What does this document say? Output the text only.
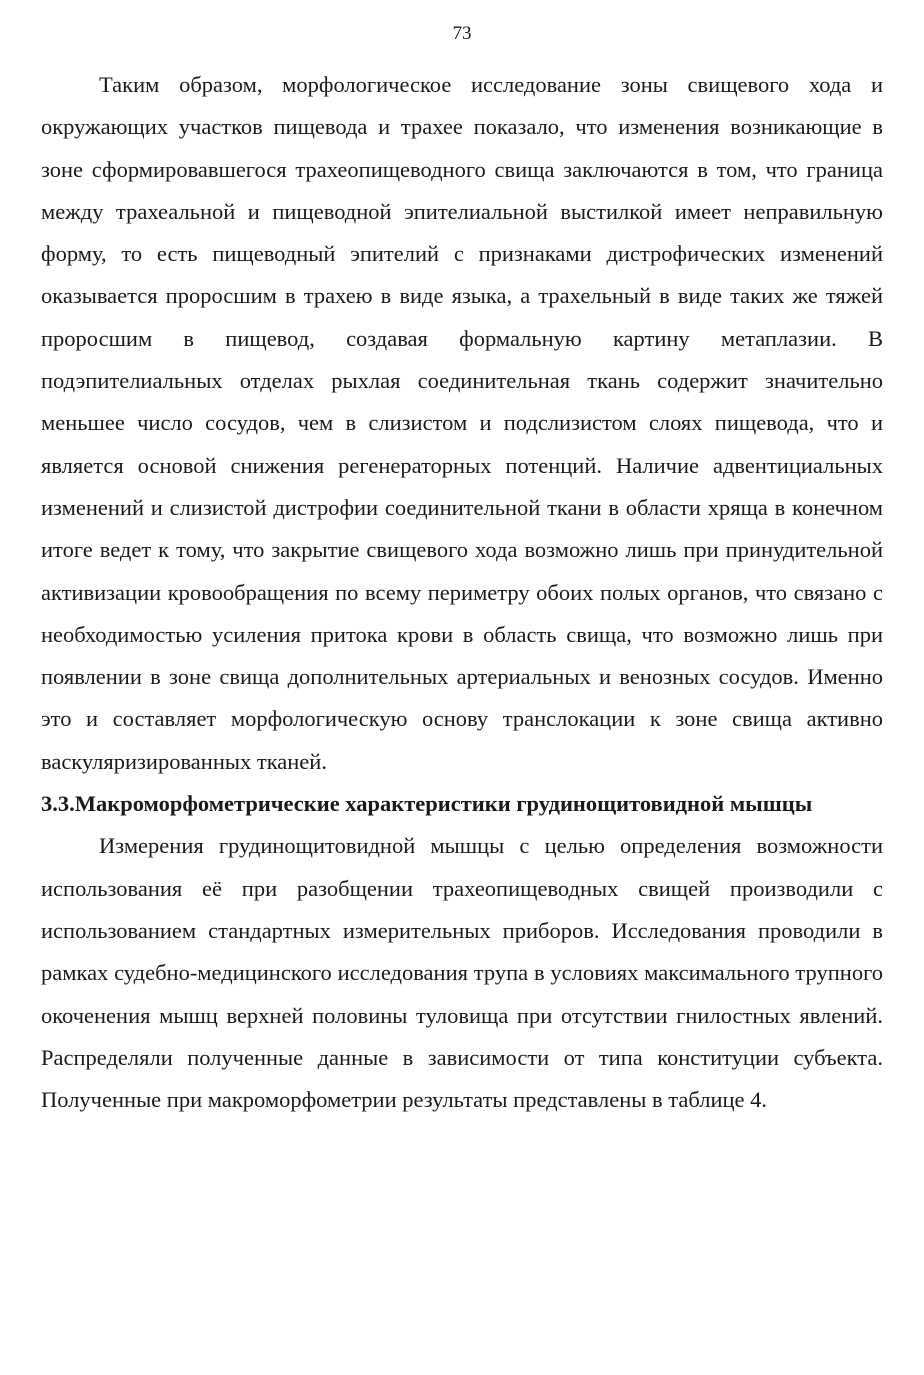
73

Таким образом, морфологическое исследование зоны свищевого хода и окружающих участков пищевода и трахее показало, что изменения возникающие в зоне сформировавшегося трахеопищеводного свища заключаются в том, что граница между трахеальной и пищеводной эпителиальной выстилкой имеет неправильную форму, то есть пищеводный эпителий с признаками дистрофических изменений оказывается проросшим в трахею в виде языка, а трахельный в виде таких же тяжей проросшим в пищевод, создавая формальную картину метаплазии. В подэпителиальных отделах рыхлая соединительная ткань содержит значительно меньшее число сосудов, чем в слизистом и подслизистом слоях пищевода, что и является основой снижения регенераторных потенций. Наличие адвентициальных изменений и слизистой дистрофии соединительной ткани в области хряща в конечном итоге ведет к тому, что закрытие свищевого хода возможно лишь при принудительной активизации кровообращения по всему периметру обоих полых органов, что связано с необходимостью усиления притока крови в область свища, что возможно лишь при появлении в зоне свища дополнительных артериальных и венозных сосудов. Именно это и составляет морфологическую основу транслокации к зоне свища активно васкуляризированных тканей.

3.3.Макроморфометрические характеристики грудинощитовидной мышцы

Измерения грудинощитовидной мышцы с целью определения возможности использования её при разобщении трахеопищеводных свищей производили с использованием стандартных измерительных приборов. Исследования проводили в рамках судебно-медицинского исследования трупа в условиях максимального трупного окоченения мышц верхней половины туловища при отсутствии гнилостных явлений. Распределяли полученные данные в зависимости от типа конституции субъекта. Полученные при макроморфометрии результаты представлены в таблице 4.
